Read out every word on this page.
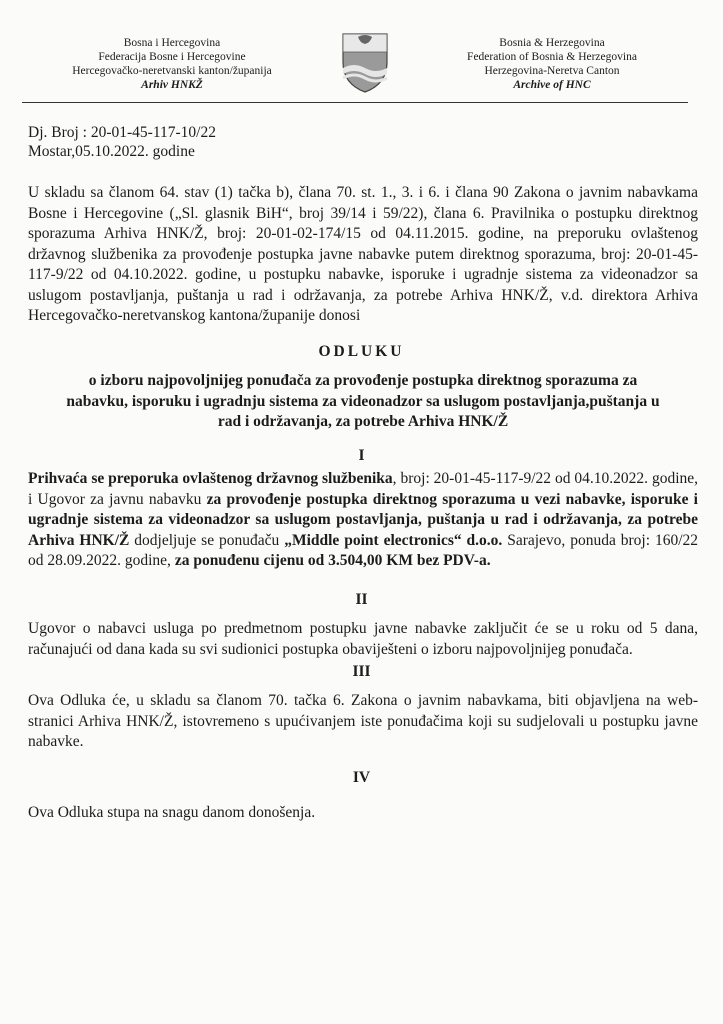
Bosna i Hercegovina
Federacija Bosne i Hercegovine
Hercegovačko-neretvanski kanton/županija
Arhiv HNKŽ
Bosnia & Herzegovina
Federation of Bosnia & Herzegovina
Herzegovina-Neretva Canton
Archive of HNC
Dj. Broj : 20-01-45-117-10/22
Mostar,05.10.2022. godine
U skladu sa članom 64. stav (1) tačka b), člana 70. st. 1., 3. i 6. i člana 90 Zakona o javnim nabavkama Bosne i Hercegovine („Sl. glasnik BiH“, broj 39/14 i 59/22), člana 6. Pravilnika o postupku direktnog sporazuma Arhiva HNK/Ž, broj: 20-01-02-174/15 od 04.11.2015. godine, na preporuku ovlaštenog državnog službenika za provođenje postupka javne nabavke putem direktnog sporazuma, broj: 20-01-45-117-9/22 od 04.10.2022. godine, u postupku nabavke, isporuke i ugradnje sistema za videonadzor sa uslugom postavljanja, puštanja u rad i održavanja, za potrebe Arhiva HNK/Ž, v.d. direktora Arhiva Hercegovačko-neretvanskog kantona/županije donosi
ODLUKU
o izboru najpovoljnijeg ponuđača za provođenje postupka direktnog sporazuma za nabavku, isporuku i ugradnju sistema za videonadzor sa uslugom postavljanja,puštanja u rad i održavanja, za potrebe Arhiva HNK/Ž
I
Prihvaća se preporuka ovlaštenog državnog službenika, broj: 20-01-45-117-9/22 od 04.10.2022. godine, i Ugovor za javnu nabavku za provođenje postupka direktnog sporazuma u vezi nabavke, isporuke i ugradnje sistema za videonadzor sa uslugom postavljanja, puštanja u rad i održavanja, za potrebe Arhiva HNK/Ž dodjeljuje se ponuđaču „Middle point electronics“ d.o.o. Sarajevo, ponuda broj: 160/22 od 28.09.2022. godine, za ponuđenu cijenu od 3.504,00 KM bez PDV-a.
II
Ugovor o nabavci usluga po predmetnom postupku javne nabavke zaključit će se u roku od 5 dana, računajući od dana kada su svi sudionici postupka obaviješteni o izboru najpovoljnijeg ponuđača.
III
Ova Odluka će, u skladu sa članom 70. tačka 6. Zakona o javnim nabavkama, biti objavljena na web-stranici Arhiva HNK/Ž, istovremeno s upućivanjem iste ponuđačima koji su sudjelovali u postupku javne nabavke.
IV
Ova Odluka stupa na snagu danom donošenja.
